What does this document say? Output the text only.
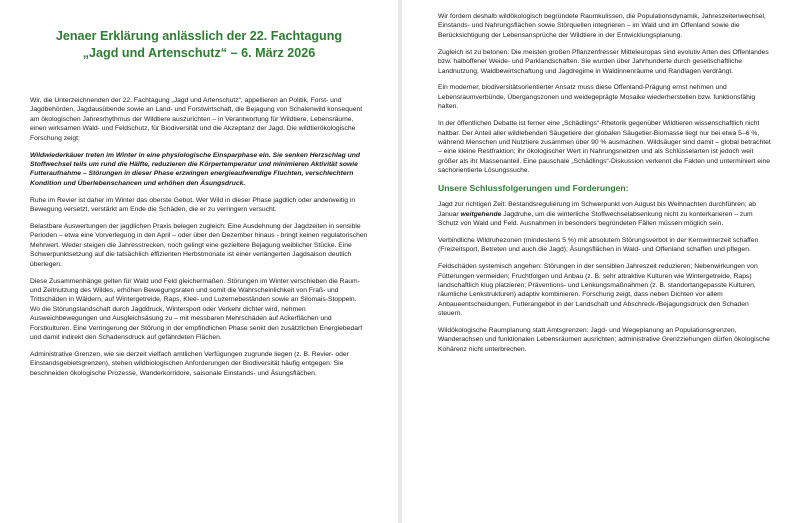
Jenaer Erklärung anlässlich der 22. Fachtagung
„Jagd und Artenschutz“ – 6. März 2026

Wir, die Unterzeichnenden der 22. Fachtagung „Jagd und Artenschutz“, appellieren an Politik, Forst- und Jagdbehörden, Jagdausübende sowie an Land- und Forstwirtschaft, die Bejagung von Schalenwild konsequent am ökologischen Jahresrhythmus der Wildtiere auszurichten – in Verantwortung für Wildtiere, Lebensräume, einen wirksamen Wald- und Feldschutz, für Biodiversität und die Akzeptanz der Jagd. Die wildtierökologische Forschung zeigt:

Wildwiederkäuer treten im Winter in eine physiologische Einsparphase ein. Sie senken Herzschlag und Stoffwechsel teils um rund die Hälfte, reduzieren die Körpertemperatur und minimieren Aktivität sowie Futteraufnahme – Störungen in dieser Phase erzwingen energieaufwendige Fluchten, verschlechtern Kondition und Überlebenschancen und erhöhen den Äsungsdruck.

Ruhe im Revier ist daher im Winter das oberste Gebot. Wer Wild in dieser Phase jagdlich oder anderweitig in Bewegung versetzt, verstärkt am Ende die Schäden, die er zu verringern versucht.

Belastbare Auswertungen der jagdlichen Praxis belegen zugleich: Eine Ausdehnung der Jagdzeiten in sensible Perioden – etwa eine Vorverlegung in den April – oder über den Dezember hinaus - bringt keinen regulatorischen Mehrwert. Weder steigen die Jahresstrecken, noch gelingt eine gezieltere Bejagung weiblicher Stücke. Eine Schwerpunktsetzung auf die tatsächlich effizienten Herbstmonate ist einer verlängerten Jagdsaison deutlich überlegen.

Diese Zusammenhänge gelten für Wald und Feld gleichermaßen. Störungen im Winter verschieben die Raum- und Zeitnutzung des Wildes, erhöhen Bewegungsraten und somit die Wahrscheinlichkeit von Fraß- und Trittschäden in Wäldern, auf Wintergetreide, Raps, Klee- und Luzernebeständen sowie an Silomais-Stoppeln. Wo die Störungslandschaft durch Jagddruck, Wintersport oder Verkehr dichter wird, nehmen Ausweichbewegungen und Ausgleichsäsung zu – mit messbaren Mehrschäden auf Ackerflächen und Forstkulturen. Eine Verringerung der Störung in der empfindlichen Phase senkt den zusätzlichen Energiebedarf und damit indirekt den Schadensdruck auf gefährdeten Flächen.

Administrative Grenzen, wie sie derzeit vielfach amtlichen Verfügungen zugrunde liegen (z. B. Revier- oder Einstandsgebietsgrenzen), stehen wildbiologischen Anforderungen der Biodiversität häufig entgegen. Sie beschneiden ökologische Prozesse, Wanderkorridore, saisonale Einstands- und Äsungsflächen.

Wir fordern deshalb wildökologisch begründete Raumkulissen, die Populationsdynamik, Jahreszeitenwechsel, Einstands- und Nahrungsflächen sowie Störquellen integrieren – im Wald und im Offenland sowie die Berücksichtigung der Lebensansprüche der Wildtiere in der Entwicklungsplanung.

Zugleich ist zu betonen: Die meisten großen Pflanzenfresser Mitteleuropas sind evolutiv Arten des Offenlandes bzw. halboffener Weide- und Parklandschaften. Sie wurden über Jahrhunderte durch gesellschaftliche Landnutzung, Waldbewirtschaftung und Jagdregime in Waldinnenräume und Randlagen verdrängt.

Ein moderner, biodiversitätsorientierter Ansatz muss diese Offenland-Prägung ernst nehmen und Lebensraumverbünde, Übergangszonen und weidegeprägte Mosaike wiederherstellen bzw. funktionsfähig halten.

In der öffentlichen Debatte ist ferner eine „Schädlings“-Rhetorik gegenüber Wildtieren wissenschaftlich nicht haltbar. Der Anteil aller wildlebenden Säugetiere der globalen Säugetier-Biomasse liegt nur bei etwa 5–6 %, während Menschen und Nutztiere zusammen über 90 % ausmachen. Wildsäuger sind damit – global betrachtet – eine kleine Restfraktion; ihr ökologischer Wert in Nahrungsnetzen und als Schlüsselarten ist jedoch weit größer als ihr Massenanteil. Eine pauschale „Schädlings“-Diskussion verkennt die Fakten und unterminiert eine sachorientierte Lösungssuche.

Unsere Schlussfolgerungen und Forderungen:

Jagd zur richtigen Zeit: Bestandsregulierung im Schwerpunkt von August bis Weihnachten durchführen; ab Januar weitgehende Jagdruhe, um die winterliche Stoffwechselabsenkung nicht zu konterkarieren – zum Schutz von Wald und Feld. Ausnahmen in besonders begründeten Fällen müssen möglich sein.

Verbindliche Wildruhezonen (mindestens 5 %) mit absolutem Störungsverbot in der Kernwinterzeit schaffen (Freizeitsport, Betreten und auch die Jagd); Äsungsflächen in Wald- und Offenland schaffen und pflegen.

Feldschäden systemisch angehen: Störungen in der sensiblen Jahreszeit reduzieren; Nebenwirkungen von Fütterungen vermeiden; Fruchtfolgen und Anbau (z. B. sehr attraktive Kulturen wie Wintergetreide, Raps) landschaftlich klug platzieren; Präventions- und Lenkungsmaßnahmen (z. B. standortangepasste Kulturen, räumliche Lenkstrukturen) adaptiv kombinieren. Forschung zeigt, dass neben Dichten vor allem Anbaueentscheidungen, Futterangebot in der Landschaft und Abschreck-/Bejagungsdruck den Schaden steuern.

Wildökologische Raumplanung statt Amtsgrenzen: Jagd- und Wegeplanung an Populationsgrenzen, Wanderachsen und funktionalen Lebensräumen ausrichten; administrative Grenzziehungen dürfen ökologische Kohärenz nicht unterbrechen.
